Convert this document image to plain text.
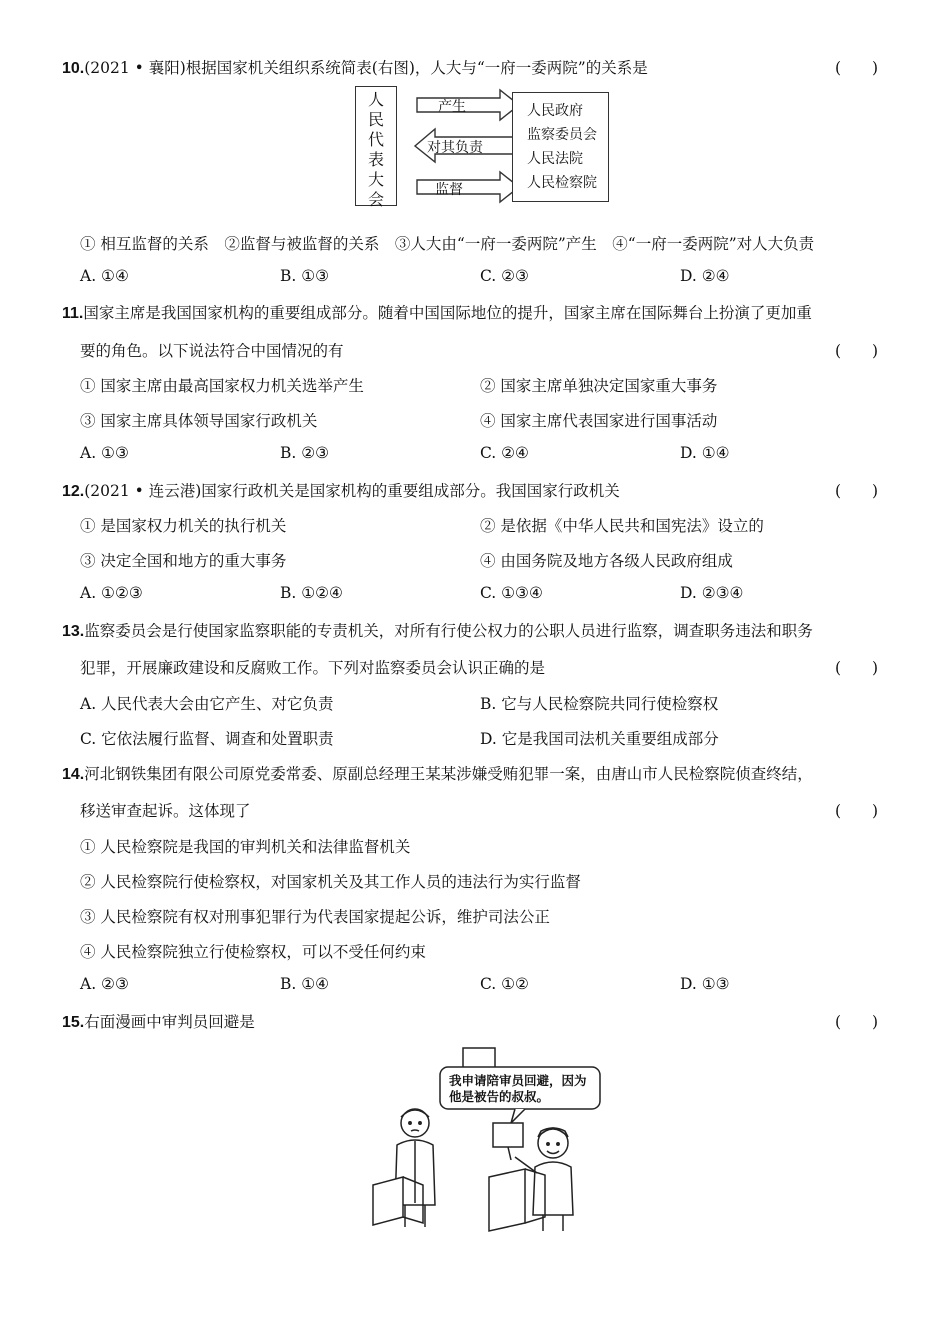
10.(2021 • 襄阳)根据国家机关组织系统简表(右图)，人大与“一府一委两院”的关系是	(　　)
人
民
代
表
大
会
产生
对其负责
监督
人民政府
监察委员会
人民法院
人民检察院
① 相互监督的关系　②监督与被监督的关系　③人大由“一府一委两院”产生　④“一府一委两院”对人大负责
A. ①④	B. ①③	C. ②③	D. ②④
11.国家主席是我国国家机构的重要组成部分。随着中国国际地位的提升，国家主席在国际舞台上扮演了更加重
要的角色。以下说法符合中国情况的有	(　　)
① 国家主席由最高国家权力机关选举产生	② 国家主席单独决定国家重大事务
③ 国家主席具体领导国家行政机关	④ 国家主席代表国家进行国事活动
A. ①③	B. ②③	C. ②④	D. ①④
12.(2021 • 连云港)国家行政机关是国家机构的重要组成部分。我国国家行政机关	(　　)
① 是国家权力机关的执行机关	② 是依据《中华人民共和国宪法》设立的
③ 决定全国和地方的重大事务	④ 由国务院及地方各级人民政府组成
A. ①②③	B. ①②④	C. ①③④	D. ②③④
13.监察委员会是行使国家监察职能的专责机关，对所有行使公权力的公职人员进行监察，调查职务违法和职务
犯罪，开展廉政建设和反腐败工作。下列对监察委员会认识正确的是	(　　)
A. 人民代表大会由它产生、对它负责	B. 它与人民检察院共同行使检察权
C. 它依法履行监督、调查和处置职责	D. 它是我国司法机关重要组成部分
14.河北钢铁集团有限公司原党委常委、原副总经理王某某涉嫌受贿犯罪一案，由唐山市人民检察院侦查终结，
移送审查起诉。这体现了	(　　)
① 人民检察院是我国的审判机关和法律监督机关
② 人民检察院行使检察权，对国家机关及其工作人员的违法行为实行监督
③ 人民检察院有权对刑事犯罪行为代表国家提起公诉，维护司法公正
④ 人民检察院独立行使检察权，可以不受任何约束
A. ②③	B. ①④	C. ①②	D. ①③
15.右面漫画中审判员回避是	(　　)
我申请陪审员回避，因为
他是被告的叔叔。
